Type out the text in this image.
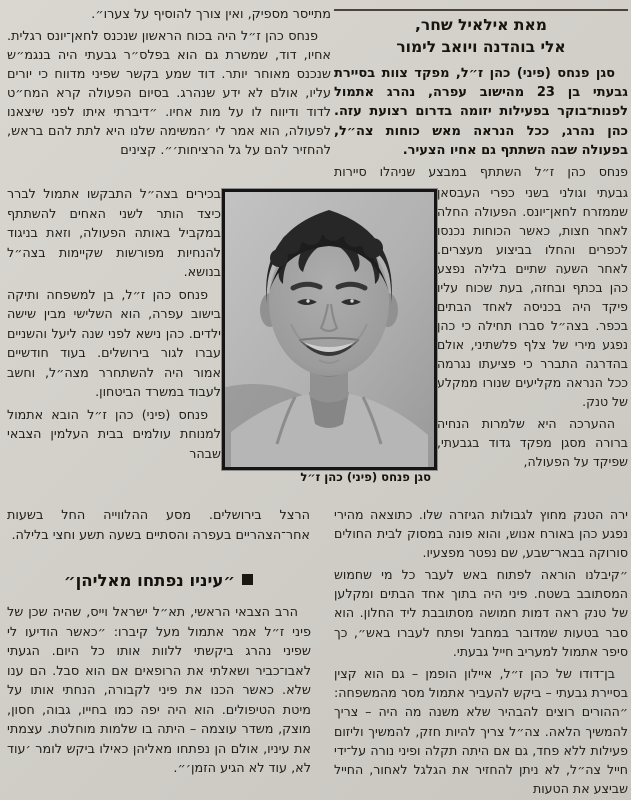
מתייסר מספיק, ואין צורך להוסיף על צערו״.

פנחס כהן ז״ל היה בכוח הראשון שנכנס לחאן־יונס רגלית. אחיו, דוד, שמשרת גם הוא בפלס״ר גבעתי היה בנגמ״ש שנכנס מאוחר יותר. דוד שמע בקשר שפיני מדווח כי יורים עליו, אולם לא ידע שנהרג. בסיום הפעולה קרא המח״ט לדוד ודיווח לו על מות אחיו. ״דיברתי איתו לפני שיצאנו לפעולה, הוא אמר לי ׳המשימה שלנו היא לתת להם בראש, להחזיר להם על גל הרציחות׳״. קצינים

בכירים בצה״ל התבקשו אתמול לברר כיצד הותר לשני האחים להשתתף במקביל באותה הפעולה, וזאת בניגוד להנחיות מפורשות שקיימות בצה״ל בנושא.

פנחס כהן ז״ל, בן למשפחה ותיקה בישוב עפרה, הוא השלישי מבין שישה ילדים. כהן נישא לפני שנה ליעל והשניים עברו לגור בירושלים. בעוד חודשיים אמור היה להשתחרר מצה״ל, וחשב לעבוד במשרד הביטחון.

פנחס (פיני) כהן ז״ל הובא אתמול למנוחת עולמים בבית העלמין הצבאי שבהר

הרצל בירושלים. מסע ההלווייה החל בשעות אחר־הצהריים בעפרה והסתיים בשעה תשע וחצי בלילה.

״עיניו נפתחו מאליהן״

הרב הצבאי הראשי, תא״ל ישראל וייס, שהיה שכן של פיני ז״ל אמר אתמול מעל קיברו: ״כאשר הודיעו לי שפיני נהרג ביקשתי ללוות אותו כל היום. הגעתי לאבו־כביר ושאלתי את הרופאים אם הוא סבל. הם ענו שלא. כאשר הכנו את פיני לקבורה, הנחתי אותו על מיטת הטיפולים. הוא היה יפה כמו בחייו, גבוה, חסון, מוצק, משדר עוצמה – היתה בו שלמות מוחלטת. עצמתי את עיניו, אולם הן נפתחו מאליהן כאילו ביקש לומר ׳עוד לא, עוד לא הגיע הזמן׳״.

מאת אילאיל שחר,
אלי בוהדנה ויואב לימור

סגן פנחס (פיני) כהן ז״ל, מפקד צוות בסיירת גבעתי בן 23 מהישוב עפרה, נהרג אתמול לפנות־בוקר בפעילות יזומה בדרום רצועת עזה. כהן נהרג, ככל הנראה מאש כוחות צה״ל, בפעולה שבה השתתף גם אחיו הצעיר.

פנחס כהן ז״ל השתתף במבצע שניהלו סיירות

גבעתי וגולני בשני כפרי העבסאן שממזרח לחאן־יונס. הפעולה החלה לאחר חצות, כאשר הכוחות נכנסו לכפרים והחלו בביצוע מעצרים. לאחר השעה שתיים בלילה נפצע כהן בכתף ובחזה, בעת שכוח עליו פיקד היה בכניסה לאחד הבתים בכפר. בצה״ל סברו תחילה כי כהן נפגע מירי של צלף פלשתיני, אולם בהדרגה התברר כי פציעתו נגרמה ככל הנראה מקליעים שנורו ממקלע של טנק.

ההערכה היא שלמרות הנחיה ברורה מסגן מפקד גדוד בגבעתי, שפיקד על הפעולה,

ירה הטנק מחוץ לגבולות הגיזרה שלו. כתוצאה מהירי נפגע כהן באורח אנוש, והוא פונה במסוק לבית החולים סורוקה בבאר־שבע, שם נפטר מפצעיו.

״קיבלנו הוראה לפתוח באש לעבר כל מי שחמוש המסתובב בשטח. פיני היה בתוך אחד הבתים ומקלען של טנק ראה דמות חמושה מסתובבת ליד החלון. הוא סבר בטעות שמדובר במחבל ופתח לעברו באש״, כך סיפר אתמול למעריב חייל גבעתי.

בן־דודו של כהן ז״ל, איילון הופמן – גם הוא קצין בסיירת גבעתי – ביקש להעביר אתמול מסר מהמשפחה: ״ההורים רוצים להבהיר שלא משנה מה היה – צריך להמשיך הלאה. צה״ל צריך להיות חזק, להמשיך וליזום פעילות ללא פחד, גם אם היתה תקלה ופיני נורה על־ידי חייל צה״ל, לא ניתן להחזיר את הגלגל לאחור, החייל שביצע את הטעות

סגן פנחס (פיני) כהן ז״ל
